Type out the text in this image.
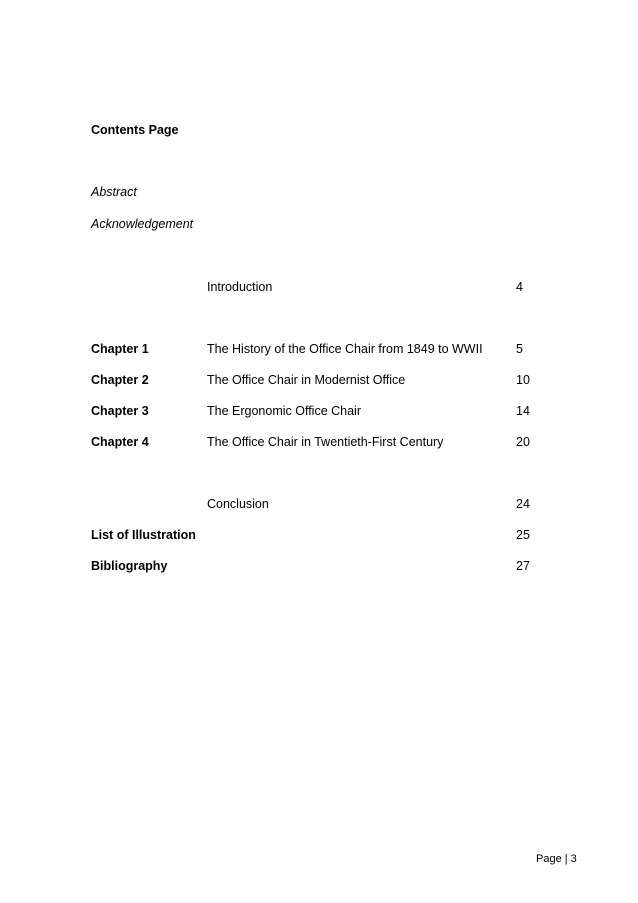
Contents Page
Abstract
Acknowledgement
Introduction	4
Chapter 1	The History of the Office Chair from 1849 to WWII	5
Chapter 2	The Office Chair in Modernist Office	10
Chapter 3	The Ergonomic Office Chair	14
Chapter 4	The Office Chair in Twentieth-First Century	20
Conclusion	24
List of Illustration	25
Bibliography	27
Page | 3
